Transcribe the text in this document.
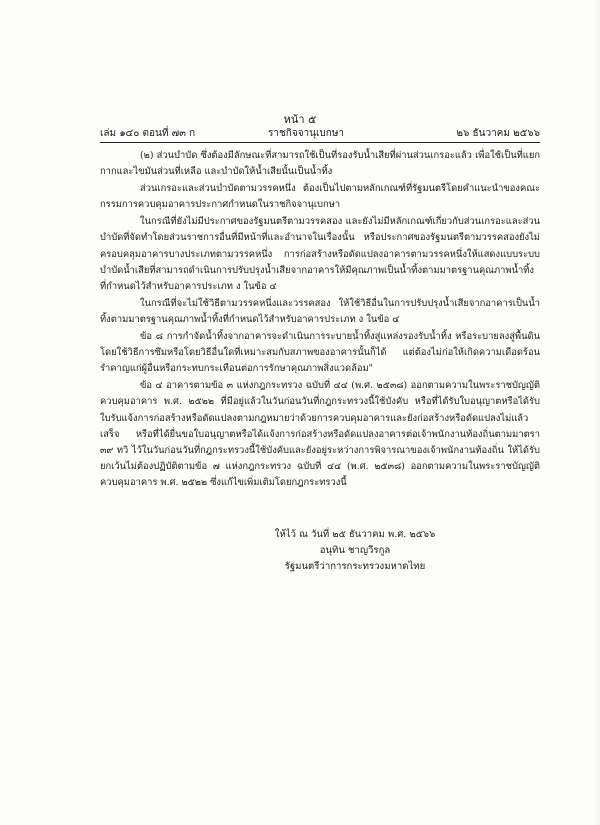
หน้า ๕
เล่ม ๑๔๐ ตอนที่ ๗๓ ก	ราชกิจจานุเบกษา	๒๖ ธันวาคม ๒๕๖๖

(๒) ส่วนบำบัด ซึ่งต้องมีลักษณะที่สามารถใช้เป็นที่รองรับน้ำเสียที่ผ่านส่วนเกรอะแล้ว เพื่อใช้เป็นที่แยกกากและไขมันส่วนที่เหลือ และบำบัดให้น้ำเสียนั้นเป็นน้ำทิ้ง

ส่วนเกรอะและส่วนบำบัดตามวรรคหนึ่ง ต้องเป็นไปตามหลักเกณฑ์ที่รัฐมนตรีโดยคำแนะนำของคณะกรรมการควบคุมอาคารประกาศกำหนดในราชกิจจานุเบกษา

ในกรณีที่ยังไม่มีประกาศของรัฐมนตรีตามวรรคสอง และยังไม่มีหลักเกณฑ์เกี่ยวกับส่วนเกรอะและส่วนบำบัดที่จัดทำโดยส่วนราชการอื่นที่มีหน้าที่และอำนาจในเรื่องนั้น หรือประกาศของรัฐมนตรีตามวรรคสองยังไม่ครอบคลุมอาคารบางประเภทตามวรรคหนึ่ง การก่อสร้างหรือดัดแปลงอาคารตามวรรคหนึ่งให้แสดงแบบระบบบำบัดน้ำเสียที่สามารถดำเนินการปรับปรุงน้ำเสียจากอาคารให้มีคุณภาพเป็นน้ำทิ้งตามมาตรฐานคุณภาพน้ำทิ้งที่กำหนดไว้สำหรับอาคารประเภท ง ในข้อ ๔

ในกรณีที่จะไม่ใช้วิธีตามวรรคหนึ่งและวรรคสอง ให้ใช้วิธีอื่นในการปรับปรุงน้ำเสียจากอาคารเป็นน้ำทิ้งตามมาตรฐานคุณภาพน้ำทิ้งที่กำหนดไว้สำหรับอาคารประเภท ง ในข้อ ๔

ข้อ ๘ การกำจัดน้ำทิ้งจากอาคารจะดำเนินการระบายน้ำทิ้งสู่แหล่งรองรับน้ำทิ้ง หรือระบายลงสู่พื้นดินโดยใช้วิธีการซึมหรือโดยวิธีอื่นใดที่เหมาะสมกับสภาพของอาคารนั้นก็ได้ แต่ต้องไม่ก่อให้เกิดความเดือดร้อนรำคาญแก่ผู้อื่นหรือกระทบกระเทือนต่อการรักษาคุณภาพสิ่งแวดล้อม"

ข้อ ๔ อาคารตามข้อ ๓ แห่งกฎกระทรวง ฉบับที่ ๔๔ (พ.ศ. ๒๕๓๘) ออกตามความในพระราชบัญญัติควบคุมอาคาร พ.ศ. ๒๕๒๒ ที่มีอยู่แล้วในวันก่อนวันที่กฎกระทรวงนี้ใช้บังคับ หรือที่ได้รับใบอนุญาตหรือได้รับใบรับแจ้งการก่อสร้างหรือดัดแปลงตามกฎหมายว่าด้วยการควบคุมอาคารและยังก่อสร้างหรือดัดแปลงไม่แล้วเสร็จ หรือที่ได้ยื่นขอใบอนุญาตหรือได้แจ้งการก่อสร้างหรือดัดแปลงอาคารต่อเจ้าพนักงานท้องถิ่นตามมาตรา ๓๙ ทวิ ไว้ในวันก่อนวันที่กฎกระทรวงนี้ใช้บังคับและยังอยู่ระหว่างการพิจารณาของเจ้าพนักงานท้องถิ่น ให้ได้รับยกเว้นไม่ต้องปฏิบัติตามข้อ ๗ แห่งกฎกระทรวง ฉบับที่ ๔๔ (พ.ศ. ๒๕๓๘) ออกตามความในพระราชบัญญัติควบคุมอาคาร พ.ศ. ๒๕๒๒ ซึ่งแก้ไขเพิ่มเติมโดยกฎกระทรวงนี้

ให้ไว้ ณ วันที่ ๒๕ ธันวาคม พ.ศ. ๒๕๖๖
อนุทิน ชาญวีรกูล
รัฐมนตรีว่าการกระทรวงมหาดไทย
